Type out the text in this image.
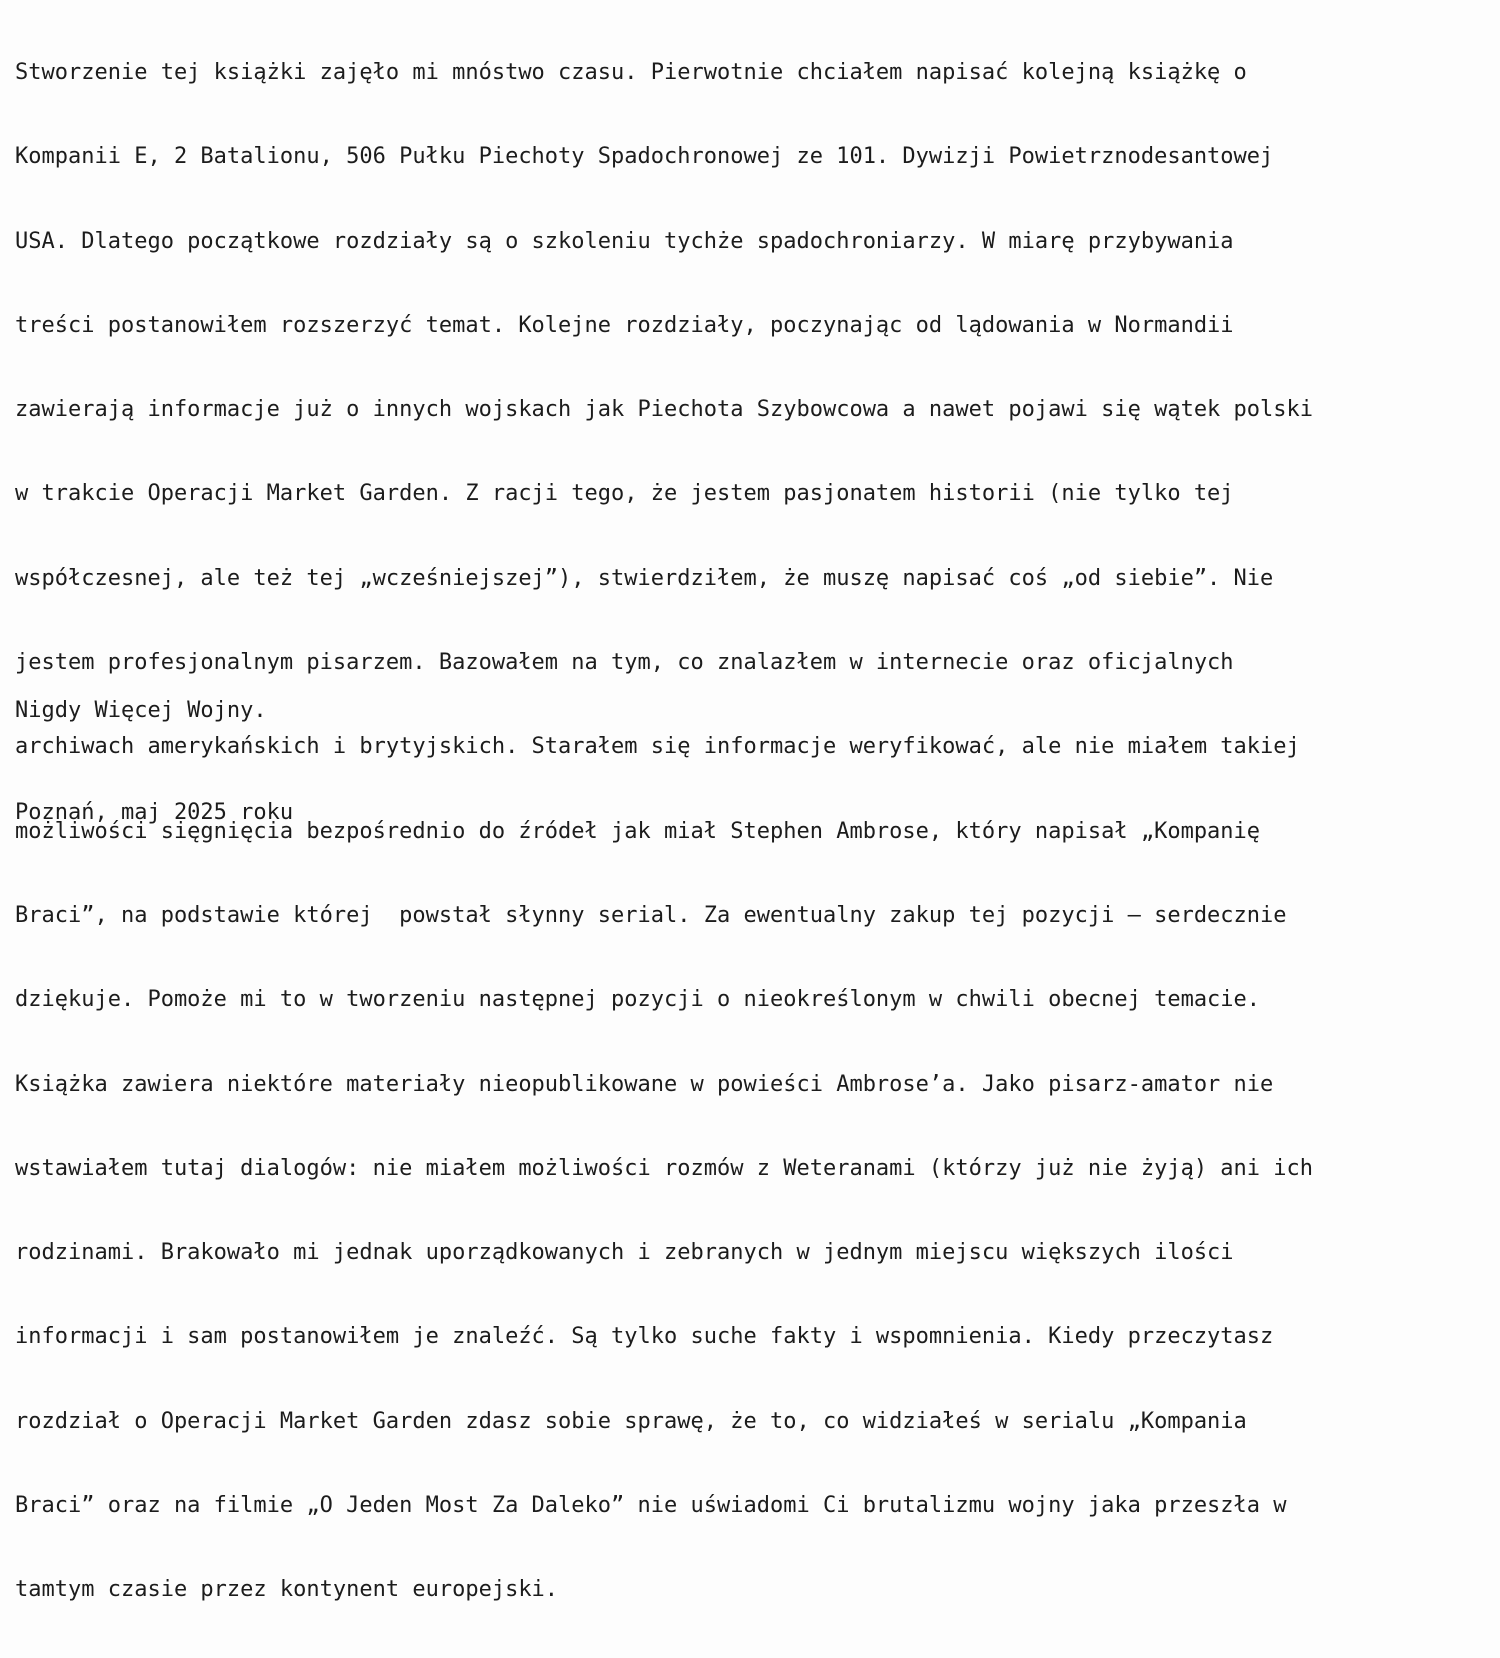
Stworzenie tej książki zajęło mi mnóstwo czasu. Pierwotnie chciałem napisać kolejną książkę o

Kompanii E, 2 Batalionu, 506 Pułku Piechoty Spadochronowej ze 101. Dywizji Powietrznodesantowej

USA. Dlatego początkowe rozdziały są o szkoleniu tychże spadochroniarzy. W miarę przybywania

treści postanowiłem rozszerzyć temat. Kolejne rozdziały, poczynając od lądowania w Normandii

zawierają informacje już o innych wojskach jak Piechota Szybowcowa a nawet pojawi się wątek polski

w trakcie Operacji Market Garden. Z racji tego, że jestem pasjonatem historii (nie tylko tej

współczesnej, ale też tej „wcześniejszej”), stwierdziłem, że muszę napisać coś „od siebie”. Nie

jestem profesjonalnym pisarzem. Bazowałem na tym, co znalazłem w internecie oraz oficjalnych

archiwach amerykańskich i brytyjskich. Starałem się informacje weryfikować, ale nie miałem takiej

możliwości sięgnięcia bezpośrednio do źródeł jak miał Stephen Ambrose, który napisał „Kompanię

Braci”, na podstawie której  powstał słynny serial. Za ewentualny zakup tej pozycji – serdecznie

dziękuje. Pomoże mi to w tworzeniu następnej pozycji o nieokreślonym w chwili obecnej temacie.

Książka zawiera niektóre materiały nieopublikowane w powieści Ambrose’a. Jako pisarz-amator nie

wstawiałem tutaj dialogów: nie miałem możliwości rozmów z Weteranami (którzy już nie żyją) ani ich

rodzinami. Brakowało mi jednak uporządkowanych i zebranych w jednym miejscu większych ilości

informacji i sam postanowiłem je znaleźć. Są tylko suche fakty i wspomnienia. Kiedy przeczytasz

rozdział o Operacji Market Garden zdasz sobie sprawę, że to, co widziałeś w serialu „Kompania

Braci” oraz na filmie „O Jeden Most Za Daleko” nie uświadomi Ci brutalizmu wojny jaka przeszła w

tamtym czasie przez kontynent europejski.

Nigdy Więcej Wojny.
Poznań, maj 2025 roku
